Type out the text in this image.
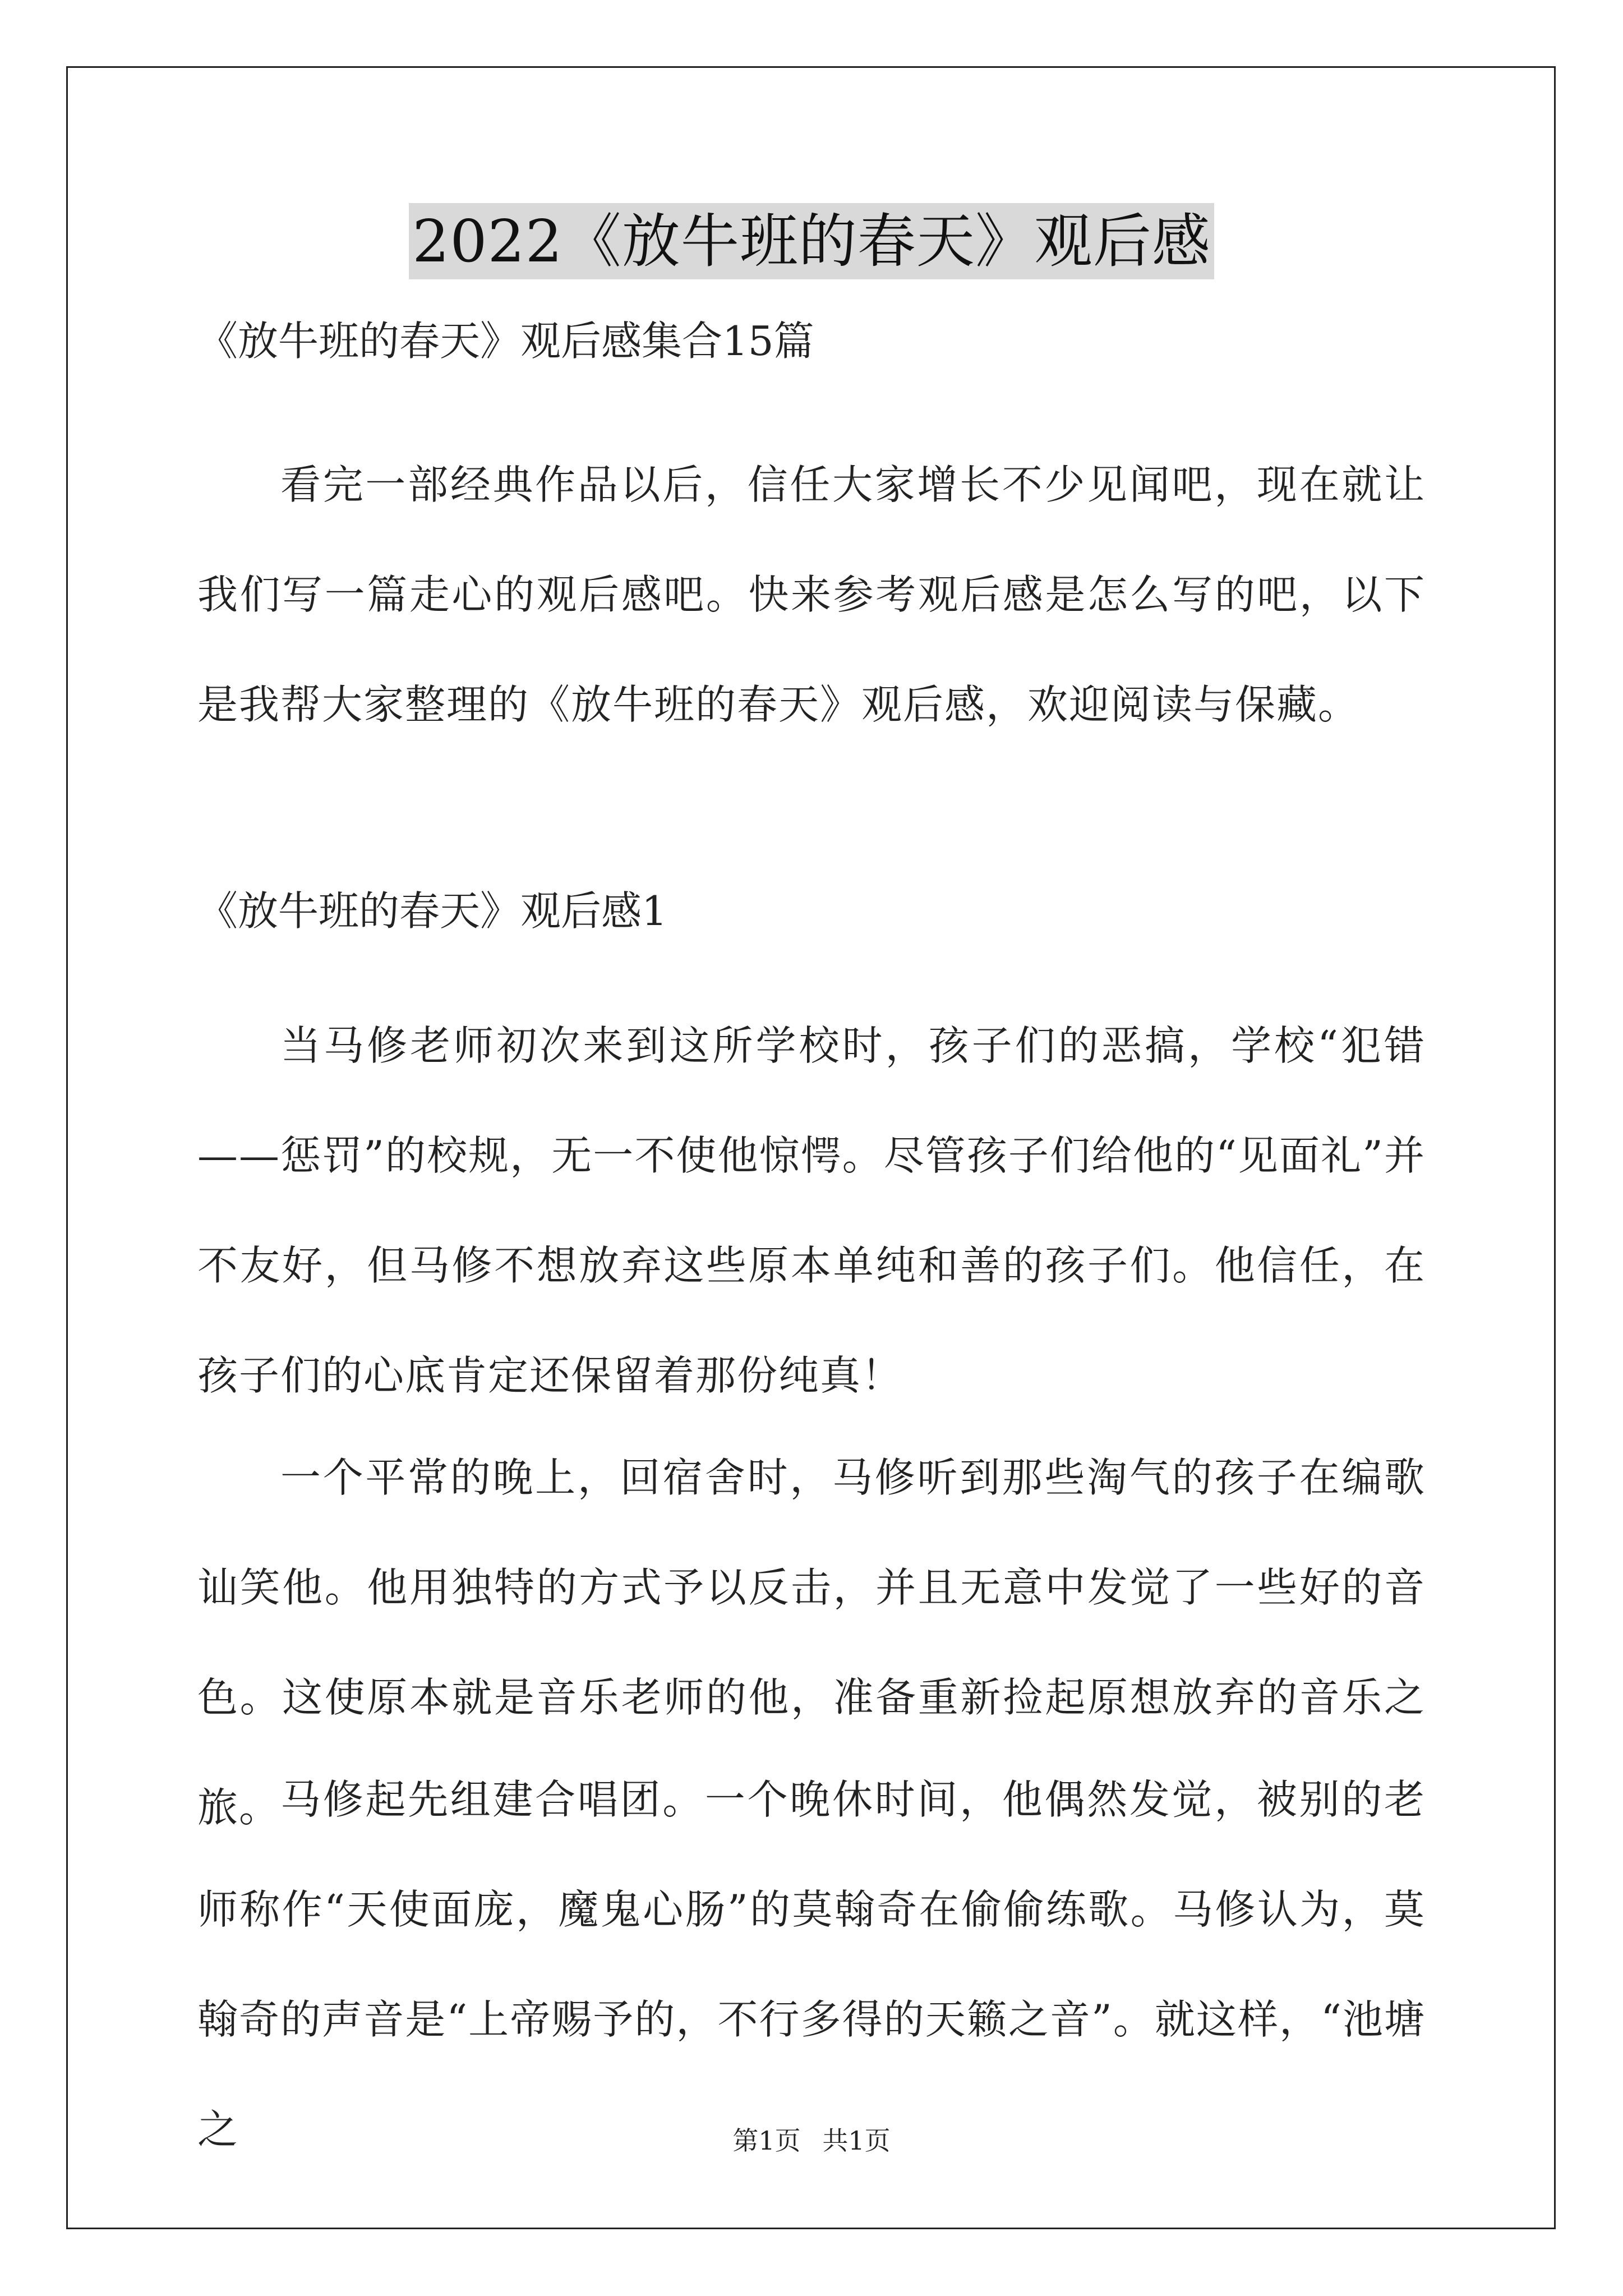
2022《放牛班的春天》观后感
《放牛班的春天》观后感集合15篇

看完一部经典作品以后，信任大家增长不少见闻吧，现在就让我们写一篇走心的观后感吧。快来参考观后感是怎么写的吧，以下是我帮大家整理的《放牛班的春天》观后感，欢迎阅读与保藏。

《放牛班的春天》观后感1

当马修老师初次来到这所学校时，孩子们的恶搞，学校“犯错——惩罚”的校规，无一不使他惊愕。尽管孩子们给他的“见面礼”并不友好，但马修不想放弃这些原本单纯和善的孩子们。他信任，在孩子们的心底肯定还保留着那份纯真！

一个平常的晚上，回宿舍时，马修听到那些淘气的孩子在编歌讪笑他。他用独特的方式予以反击，并且无意中发觉了一些好的音色。这使原本就是音乐老师的他，准备重新捡起原想放弃的音乐之旅。 马修起先组建合唱团。一个晚休时间，他偶然发觉，被别的老师称作“天使面庞，魔鬼心肠”的莫翰奇在偷偷练歌。马修认为，莫翰奇的声音是“上帝赐予的，不行多得的天籁之音”。就这样，“池塘之	第1页 共1页
